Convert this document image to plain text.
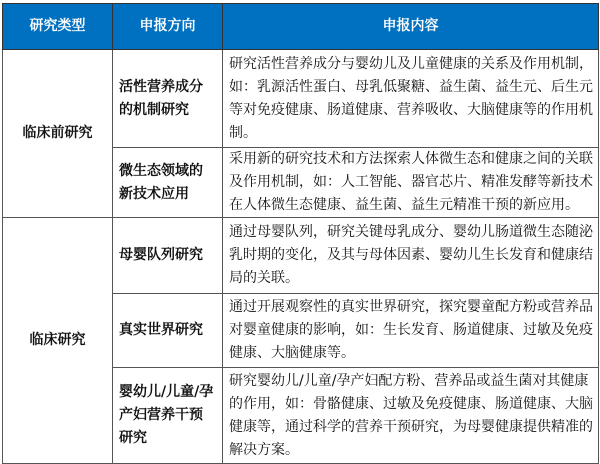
研究类型	申报方向	申报内容
临床前研究	活性营养成分的机制研究	研究活性营养成分与婴幼儿及儿童健康的关系及作用机制，如：乳源活性蛋白、母乳低聚糖、益生菌、益生元、后生元等对免疫健康、肠道健康、营养吸收、大脑健康等的作用机制。
	微生态领域的新技术应用	采用新的研究技术和方法探索人体微生态和健康之间的关联及作用机制，如：人工智能、器官芯片、精准发酵等新技术在人体微生态健康、益生菌、益生元精准干预的新应用。
临床研究	母婴队列研究	通过母婴队列，研究关键母乳成分、婴幼儿肠道微生态随泌乳时期的变化，及其与母体因素、婴幼儿生长发育和健康结局的关联。
	真实世界研究	通过开展观察性的真实世界研究，探究婴童配方粉或营养品对婴童健康的影响，如：生长发育、肠道健康、过敏及免疫健康、大脑健康等。
	婴幼儿/儿童/孕产妇营养干预研究	研究婴幼儿/儿童/孕产妇配方粉、营养品或益生菌对其健康的作用，如：骨骼健康、过敏及免疫健康、肠道健康、大脑健康等，通过科学的营养干预研究，为母婴健康提供精准的解决方案。
